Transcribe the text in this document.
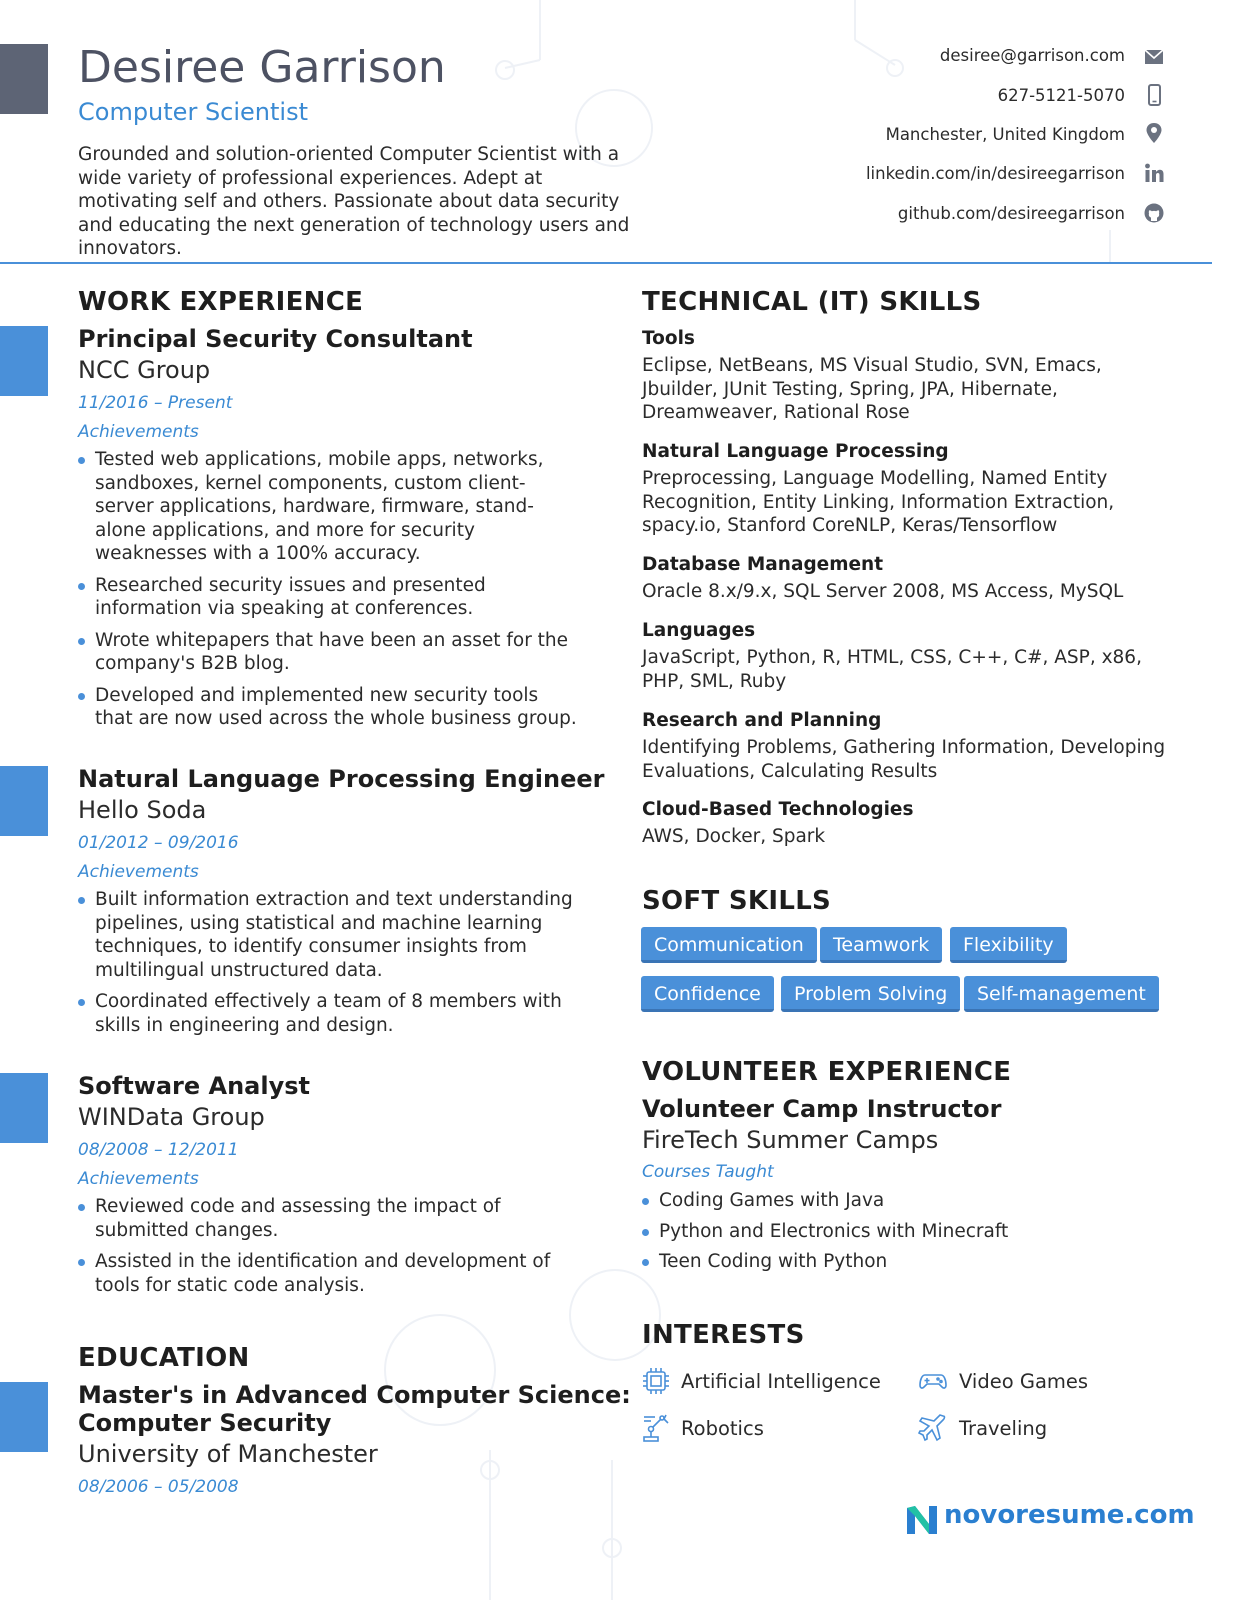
Desiree Garrison
Computer Scientist

Grounded and solution-oriented Computer Scientist with a wide variety of professional experiences. Adept at motivating self and others. Passionate about data security and educating the next generation of technology users and innovators.

desiree@garrison.com
627-5121-5070
Manchester, United Kingdom
linkedin.com/in/desireegarrison
github.com/desireegarrison
WORK EXPERIENCE
Principal Security Consultant
NCC Group
11/2016 – Present
Achievements
Tested web applications, mobile apps, networks, sandboxes, kernel components, custom client-server applications, hardware, firmware, stand-alone applications, and more for security weaknesses with a 100% accuracy.
Researched security issues and presented information via speaking at conferences.
Wrote whitepapers that have been an asset for the company's B2B blog.
Developed and implemented new security tools that are now used across the whole business group.
Natural Language Processing Engineer
Hello Soda
01/2012 – 09/2016
Achievements
Built information extraction and text understanding pipelines, using statistical and machine learning techniques, to identify consumer insights from multilingual unstructured data.
Coordinated effectively a team of 8 members with skills in engineering and design.
Software Analyst
WINData Group
08/2008 – 12/2011
Achievements
Reviewed code and assessing the impact of submitted changes.
Assisted in the identification and development of tools for static code analysis.
EDUCATION
Master's in Advanced Computer Science:
Computer Security
University of Manchester
08/2006 – 05/2008
TECHNICAL (IT) SKILLS
Tools
Eclipse, NetBeans, MS Visual Studio, SVN, Emacs, Jbuilder, JUnit Testing, Spring, JPA, Hibernate, Dreamweaver, Rational Rose
Natural Language Processing
Preprocessing, Language Modelling, Named Entity Recognition, Entity Linking, Information Extraction, spacy.io, Stanford CoreNLP, Keras/Tensorflow
Database Management
Oracle 8.x/9.x, SQL Server 2008, MS Access, MySQL
Languages
JavaScript, Python, R, HTML, CSS, C++, C#, ASP, x86, PHP, SML, Ruby
Research and Planning
Identifying Problems, Gathering Information, Developing Evaluations, Calculating Results
Cloud-Based Technologies
AWS, Docker, Spark
SOFT SKILLS
Communication	Teamwork	Flexibility
Confidence	Problem Solving	Self-management
VOLUNTEER EXPERIENCE
Volunteer Camp Instructor
FireTech Summer Camps
Courses Taught
Coding Games with Java
Python and Electronics with Minecraft
Teen Coding with Python
INTERESTS
Artificial Intelligence	Video Games
Robotics	Traveling
novoresume.com
